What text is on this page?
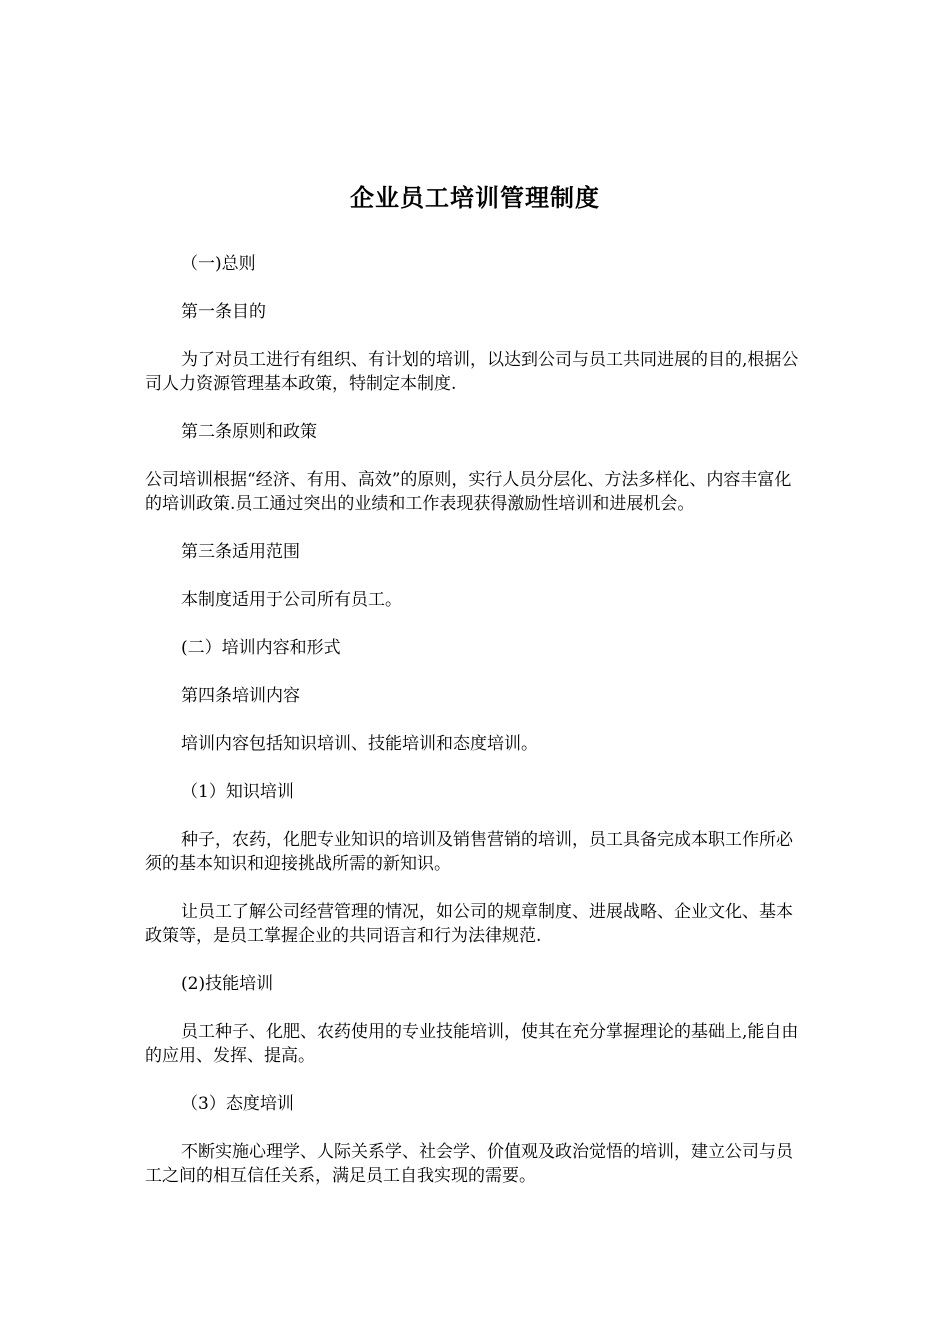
企业员工培训管理制度

（一)总则

第一条目的

为了对员工进行有组织、有计划的培训，以达到公司与员工共同进展的目的,根据公司人力资源管理基本政策，特制定本制度.

第二条原则和政策

公司培训根据“经济、有用、高效”的原则，实行人员分层化、方法多样化、内容丰富化的培训政策.员工通过突出的业绩和工作表现获得激励性培训和进展机会。

第三条适用范围

本制度适用于公司所有员工。

(二）培训内容和形式

第四条培训内容

培训内容包括知识培训、技能培训和态度培训。

（1）知识培训

种子，农药，化肥专业知识的培训及销售营销的培训，员工具备完成本职工作所必须的基本知识和迎接挑战所需的新知识。

让员工了解公司经营管理的情况，如公司的规章制度、进展战略、企业文化、基本政策等，是员工掌握企业的共同语言和行为法律规范.

(2)技能培训

员工种子、化肥、农药使用的专业技能培训，使其在充分掌握理论的基础上,能自由的应用、发挥、提高。

（3）态度培训

不断实施心理学、人际关系学、社会学、价值观及政治觉悟的培训，建立公司与员工之间的相互信任关系，满足员工自我实现的需要。
